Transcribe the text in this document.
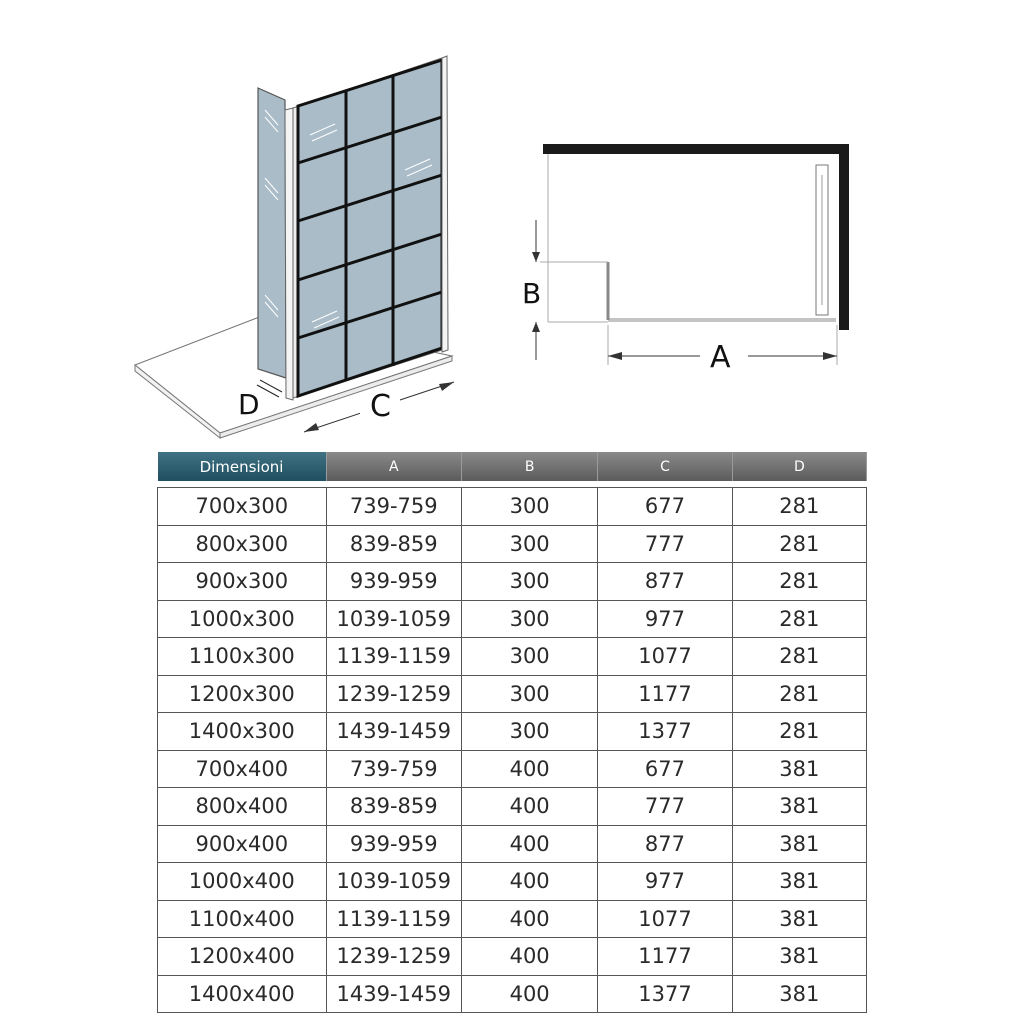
D	C
B
A
Dimensioni	A	B	C	D

700x300	739-759	300	677	281
800x300	839-859	300	777	281
900x300	939-959	300	877	281
1000x300	1039-1059	300	977	281
1100x300	1139-1159	300	1077	281
1200x300	1239-1259	300	1177	281
1400x300	1439-1459	300	1377	281
700x400	739-759	400	677	381
800x400	839-859	400	777	381
900x400	939-959	400	877	381
1000x400	1039-1059	400	977	381
1100x400	1139-1159	400	1077	381
1200x400	1239-1259	400	1177	381
1400x400	1439-1459	400	1377	381
